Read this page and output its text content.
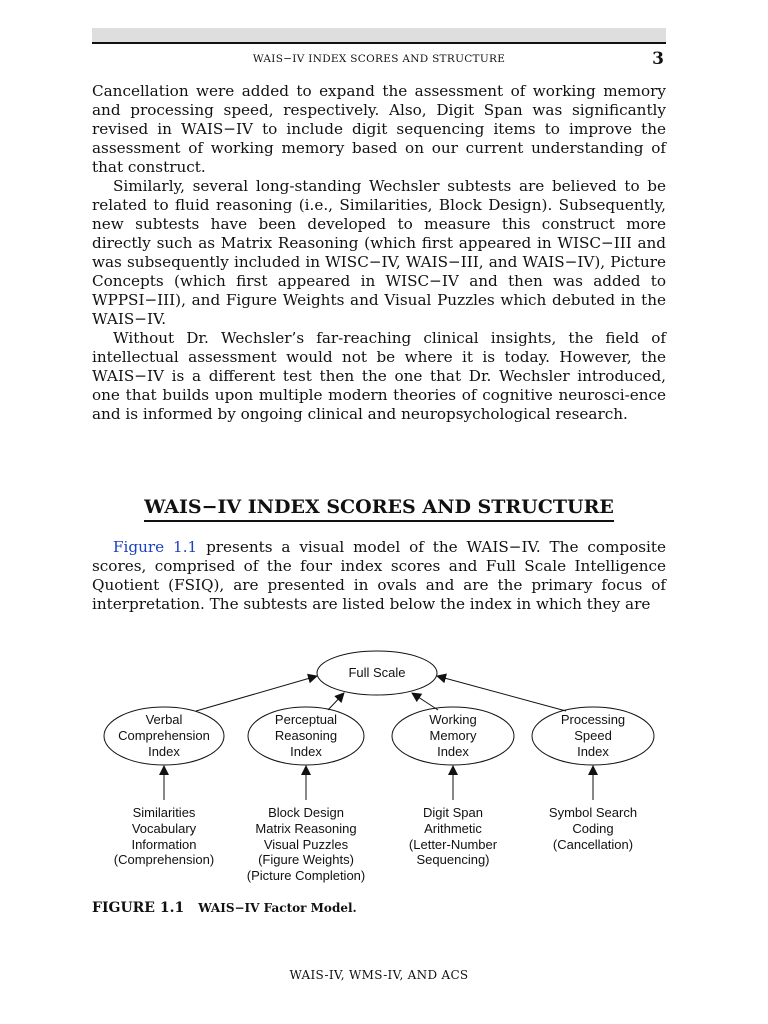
WAIS−IV INDEX SCORES AND STRUCTURE	3

Cancellation were added to expand the assessment of working memory and processing speed, respectively. Also, Digit Span was significantly revised in WAIS−IV to include digit sequencing items to improve the assessment of working memory based on our current understanding of that construct.

Similarly, several long-standing Wechsler subtests are believed to be related to fluid reasoning (i.e., Similarities, Block Design). Subsequently, new subtests have been developed to measure this construct more directly such as Matrix Reasoning (which first appeared in WISC−III and was subsequently included in WISC−IV, WAIS−III, and WAIS−IV), Picture Concepts (which first appeared in WISC−IV and then was added to WPPSI−III), and Figure Weights and Visual Puzzles which debuted in the WAIS−IV.

Without Dr. Wechsler’s far-reaching clinical insights, the field of intellectual assessment would not be where it is today. However, the WAIS−IV is a different test then the one that Dr. Wechsler introduced, one that builds upon multiple modern theories of cognitive neurosci-ence and is informed by ongoing clinical and neuropsychological research.

WAIS−IV INDEX SCORES AND STRUCTURE

Figure 1.1 presents a visual model of the WAIS−IV. The composite scores, comprised of the four index scores and Full Scale Intelligence Quotient (FSIQ), are presented in ovals and are the primary focus of interpretation. The subtests are listed below the index in which they are

Full Scale
Verbal
Comprehension
Index
Perceptual
Reasoning
Index
Working
Memory
Index
Processing
Speed
Index
Similarities
Vocabulary
Information
(Comprehension)
Block Design
Matrix Reasoning
Visual Puzzles
(Figure Weights)
(Picture Completion)
Digit Span
Arithmetic
(Letter-Number
Sequencing)
Symbol Search
Coding
(Cancellation)
FIGURE 1.1 WAIS−IV Factor Model.
WAIS-IV, WMS-IV, AND ACS
